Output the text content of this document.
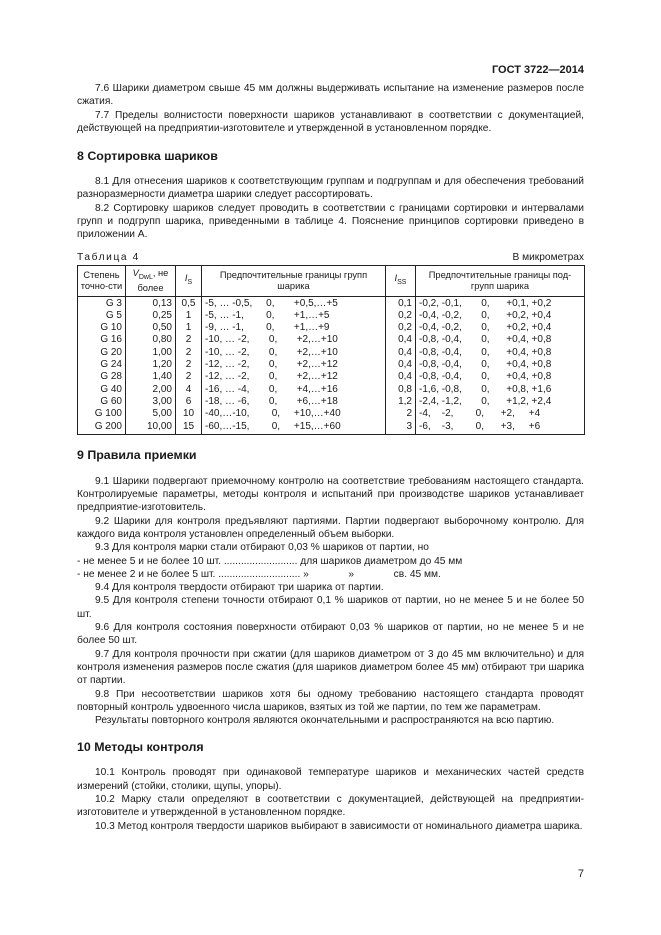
ГОСТ 3722—2014

7.6 Шарики диаметром свыше 45 мм должны выдерживать испытание на изменение размеров после сжатия.

7.7 Пределы волнистости поверхности шариков устанавливают в соответствии с документацией, действующей на предприятии-изготовителе и утвержденной в установленном порядке.

8 Сортировка шариков

8.1 Для отнесения шариков к соответствующим группам и подгруппам и для обеспечения требований разноразмерности диаметра шарики следует рассортировать.

8.2 Сортировку шариков следует проводить в соответствии с границами сортировки и интервалами групп и подгрупп шарика, приведенными в таблице 4. Пояснение принципов сортировки приведено в приложении А.

Таблица 4	В микрометрах
Степень точно-сти	$V_{DwL}$, не более	$I_S$	Предпочтительные границы групп шарика	$I_{SS}$	Предпочтительные границы под-групп шарика
G 3	0,13	0,5	-5, … -0,5,     0,       +0,5,…+5	0,1	-0,2, -0,1,       0,      +0,1, +0,2
G 5	0,25	1	-5, … -1,        0,       +1,…+5	0,2	-0,4, -0,2,       0,      +0,2, +0,4
G 10	0,50	1	-9, … -1,        0,       +1,…+9	0,2	-0,4, -0,2,       0,      +0,2, +0,4
G 16	0,80	2	-10, … -2,       0,       +2,…+10	0,4	-0,8, -0,4,       0,      +0,4, +0,8
G 20	1,00	2	-10, … -2,       0,       +2,…+10	0,4	-0,8, -0,4,       0,      +0,4, +0,8
G 24	1,20	2	-12, … -2,       0,       +2,…+12	0,4	-0,8, -0,4,       0,      +0,4, +0,8
G 28	1,40	2	-12, … -2,       0,       +2,…+12	0,4	-0,8, -0,4,       0,      +0,4, +0,8
G 40	2,00	4	-16, … -4,       0,       +4,…+16	0,8	-1,6, -0,8,       0,      +0,8, +1,6
G 60	3,00	6	-18, … -6,       0,       +6,…+18	1,2	-2,4, -1,2,       0,      +1,2, +2,4
G 100	5,00	10	-40,…-10,        0,     +10,…+40	2	-4,    -2,        0,      +2,     +4
G 200	10,00	15	-60,…-15,        0,     +15,…+60	3	-6,    -3,        0,      +3,     +6
9 Правила приемки

9.1 Шарики подвергают приемочному контролю на соответствие требованиям настоящего стандарта. Контролируемые параметры, методы контроля и испытаний при производстве шариков устанавливает предприятие-изготовитель.

9.2 Шарики для контроля предъявляют партиями. Партии подвергают выборочному контролю. Для каждого вида контроля установлен определенный объем выборки.

9.3 Для контроля марки стали отбирают 0,03 % шариков от партии, но

- не менее 5 и не более 10 шт. .......................... для шариков диаметром до 45 мм

- не менее 2 и не более 5 шт. ............................. »              »              св. 45 мм.

9.4 Для контроля твердости отбирают три шарика от партии.

9.5 Для контроля степени точности отбирают 0,1 % шариков от партии, но не менее 5 и не более 50 шт.

9.6 Для контроля состояния поверхности отбирают 0,03 % шариков от партии, но не менее 5 и не более 50 шт.

9.7 Для контроля прочности при сжатии (для шариков диаметром от 3 до 45 мм включительно) и для контроля изменения размеров после сжатия (для шариков диаметром более 45 мм) отбирают три шарика от партии.

9.8 При несоответствии шариков хотя бы одному требованию настоящего стандарта проводят повторный контроль удвоенного числа шариков, взятых из той же партии, по тем же параметрам.

Результаты повторного контроля являются окончательными и распространяются на всю партию.

10 Методы контроля

10.1 Контроль проводят при одинаковой температуре шариков и механических частей средств измерений (стойки, столики, щупы, упоры).

10.2 Марку стали определяют в соответствии с документацией, действующей на предприятии-изготовителе и утвержденной в установленном порядке.

10.3 Метод контроля твердости шариков выбирают в зависимости от номинального диаметра шарика.

7
